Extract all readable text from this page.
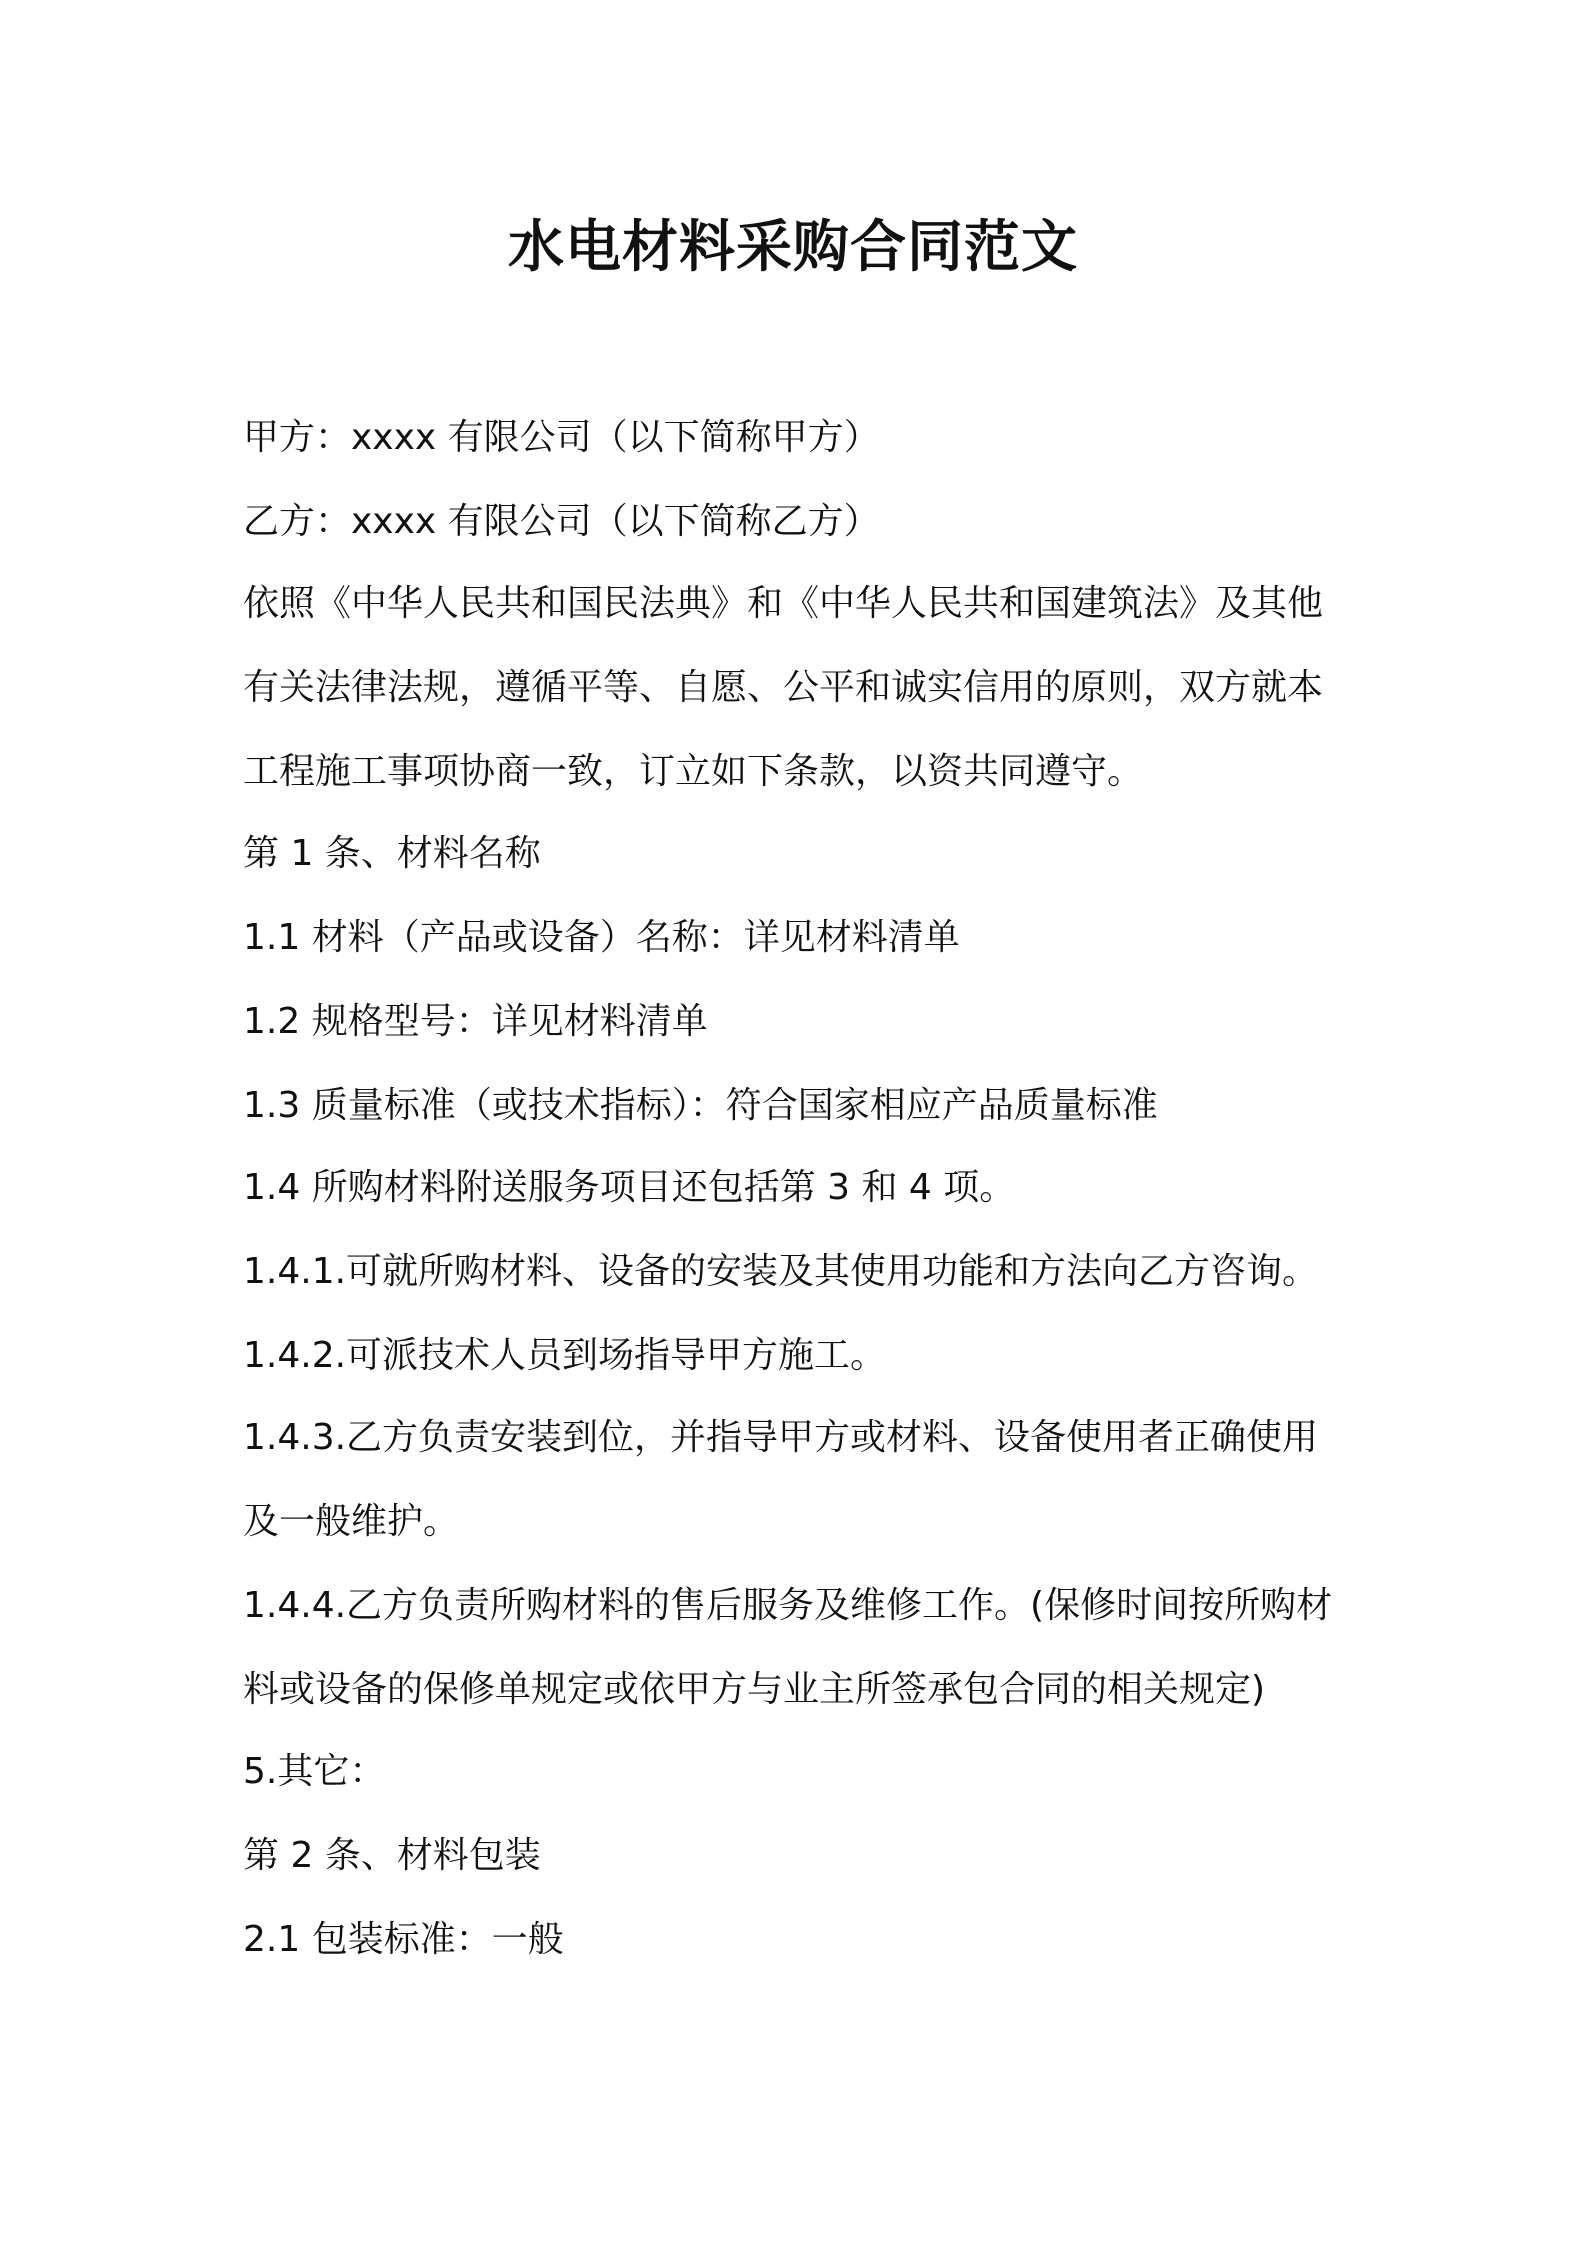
水电材料采购合同范文
甲方：xxxx 有限公司（以下简称甲方）
乙方：xxxx 有限公司（以下简称乙方）
依照《中华人民共和国民法典》和《中华人民共和国建筑法》及其他
有关法律法规，遵循平等、自愿、公平和诚实信用的原则，双方就本
工程施工事项协商一致，订立如下条款，以资共同遵守。
第 1 条、材料名称
1.1 材料（产品或设备）名称：详见材料清单
1.2 规格型号：详见材料清单
1.3 质量标准（或技术指标）：符合国家相应产品质量标准
1.4 所购材料附送服务项目还包括第 3 和 4 项。
1.4.1.可就所购材料、设备的安装及其使用功能和方法向乙方咨询。
1.4.2.可派技术人员到场指导甲方施工。
1.4.3.乙方负责安装到位，并指导甲方或材料、设备使用者正确使用
及一般维护。
1.4.4.乙方负责所购材料的售后服务及维修工作。(保修时间按所购材
料或设备的保修单规定或依甲方与业主所签承包合同的相关规定)
5.其它：
第 2 条、材料包装
2.1 包装标准：一般
